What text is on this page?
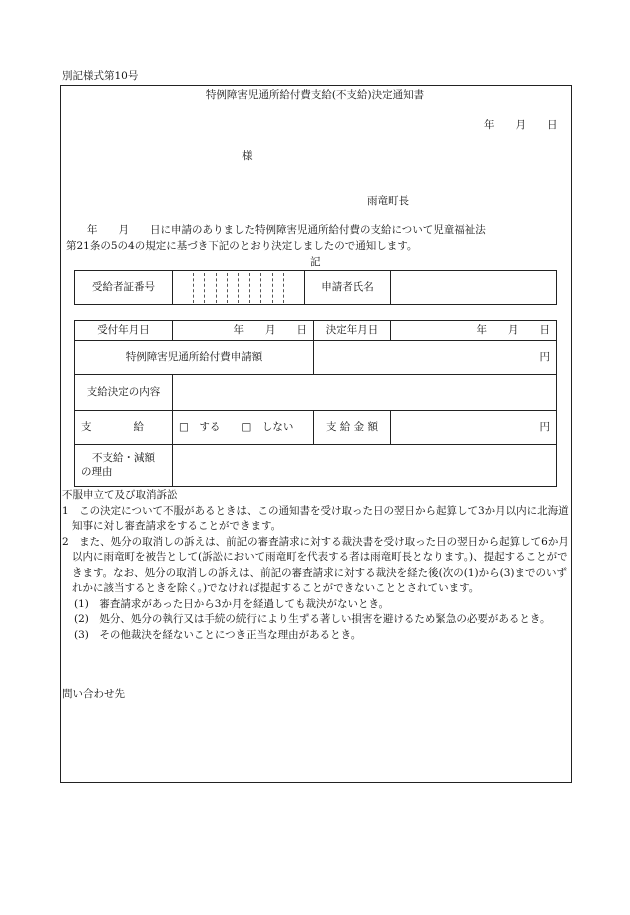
別記様式第10号
特例障害児通所給付費支給(不支給)決定通知書
年　　月　　日
様
雨竜町長
　　年　　月　　日に申請のありました特例障害児通所給付費の支給について児童福祉法
第21条の5の4の規定に基づき下記のとおり決定しましたので通知します。
記
受給者証番号		申請者氏名	
受付年月日	年　　月　　日	決定年月日	年　　月　　日
特例障害児通所給付費申請額		円	
支給決定の内容			
支　　　　給	□　する　　□　しない	支 給 金 額	円

不支給・減額
の理由			

不服申立て及び取消訴訟

1　この決定について不服があるときは、この通知書を受け取った日の翌日から起算して3か月以内に北海道知事に対し審査請求をすることができます。

2　また、処分の取消しの訴えは、前記の審査請求に対する裁決書を受け取った日の翌日から起算して6か月以内に雨竜町を被告として(訴訟において雨竜町を代表する者は雨竜町長となります。)、提起することができます。なお、処分の取消しの訴えは、前記の審査請求に対する裁決を経た後(次の(1)から(3)までのいずれかに該当するときを除く。)でなければ提起することができないこととされています。

(1)　審査請求があった日から3か月を経過しても裁決がないとき。

(2)　処分、処分の執行又は手続の続行により生ずる著しい損害を避けるため緊急の必要があるとき。

(3)　その他裁決を経ないことにつき正当な理由があるとき。

問い合わせ先
